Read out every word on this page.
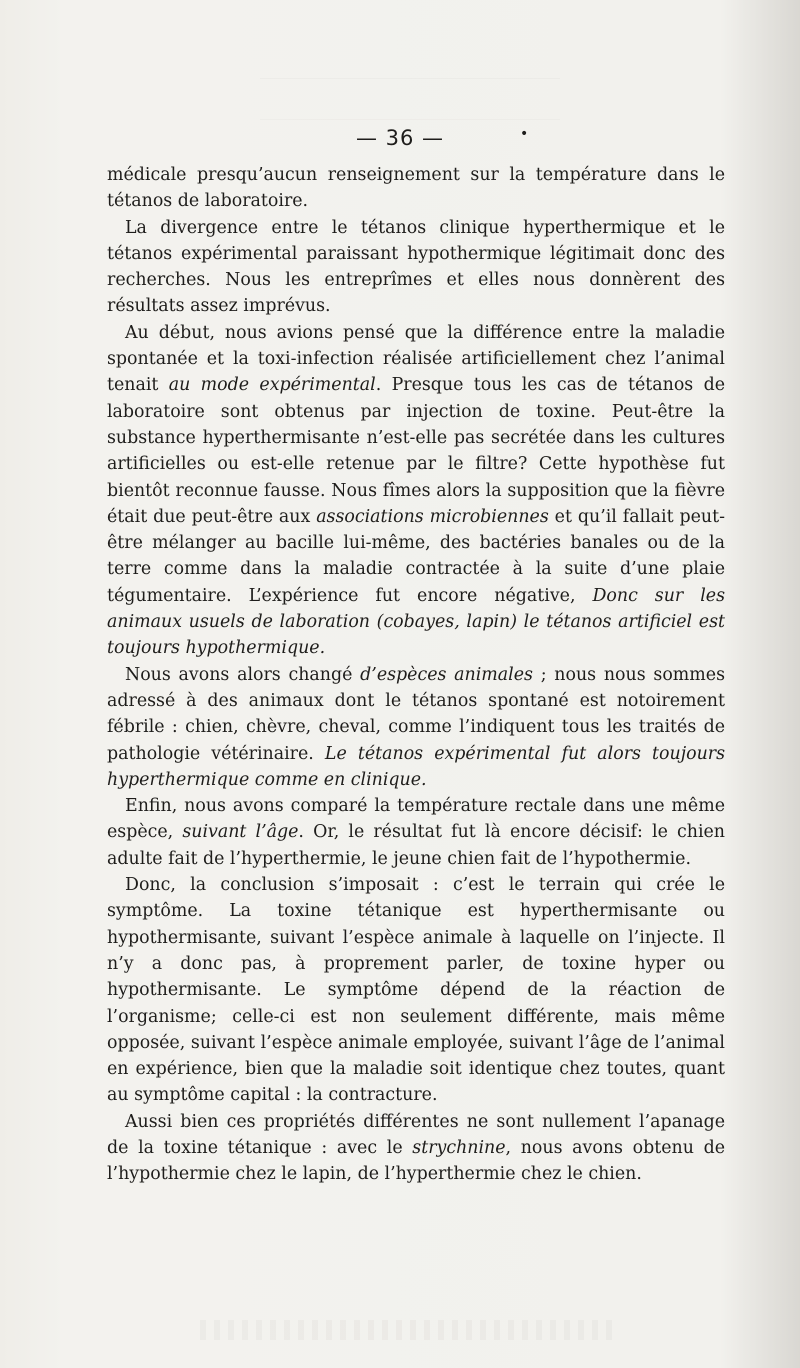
— 36 —	•

médicale presqu’aucun renseignement sur la température dans le tétanos de laboratoire.

La divergence entre le tétanos clinique hyperthermique et le tétanos expérimental paraissant hypothermique légitimait donc des recherches. Nous les entreprîmes et elles nous donnèrent des résultats assez imprévus.

Au début, nous avions pensé que la différence entre la maladie spontanée et la toxi-infection réalisée artificiellement chez l’animal tenait au mode expérimental. Presque tous les cas de tétanos de laboratoire sont obtenus par injection de toxine. Peut-être la substance hyperthermisante n’est-elle pas secrétée dans les cultures artificielles ou est-elle retenue par le filtre? Cette hypothèse fut bientôt reconnue fausse. Nous fîmes alors la supposition que la fièvre était due peut-être aux associations microbiennes et qu’il fallait peut-être mélanger au bacille lui-même, des bactéries banales ou de la terre comme dans la maladie contractée à la suite d’une plaie tégumentaire. L’expérience fut encore négative, Donc sur les animaux usuels de laboration (cobayes, lapin) le tétanos artificiel est toujours hypothermique.

Nous avons alors changé d’espèces animales ; nous nous sommes adressé à des animaux dont le tétanos spontané est notoirement fébrile : chien, chèvre, cheval, comme l’indiquent tous les traités de pathologie vétérinaire. Le tétanos expérimental fut alors toujours hyperthermique comme en clinique.

Enfin, nous avons comparé la température rectale dans une même espèce, suivant l’âge. Or, le résultat fut là encore décisif: le chien adulte fait de l’hyperthermie, le jeune chien fait de l’hypothermie.

Donc, la conclusion s’imposait : c’est le terrain qui crée le symptôme. La toxine tétanique est hyperthermisante ou hypothermisante, suivant l’espèce animale à laquelle on l’injecte. Il n’y a donc pas, à proprement parler, de toxine hyper ou hypothermisante. Le symptôme dépend de la réaction de l’organisme; celle-ci est non seulement différente, mais même opposée, suivant l’espèce animale employée, suivant l’âge de l’animal en expérience, bien que la maladie soit identique chez toutes, quant au symptôme capital : la contracture.

Aussi bien ces propriétés différentes ne sont nullement l’apanage de la toxine tétanique : avec le strychnine, nous avons obtenu de l’hypothermie chez le lapin, de l’hyperthermie chez le chien.
